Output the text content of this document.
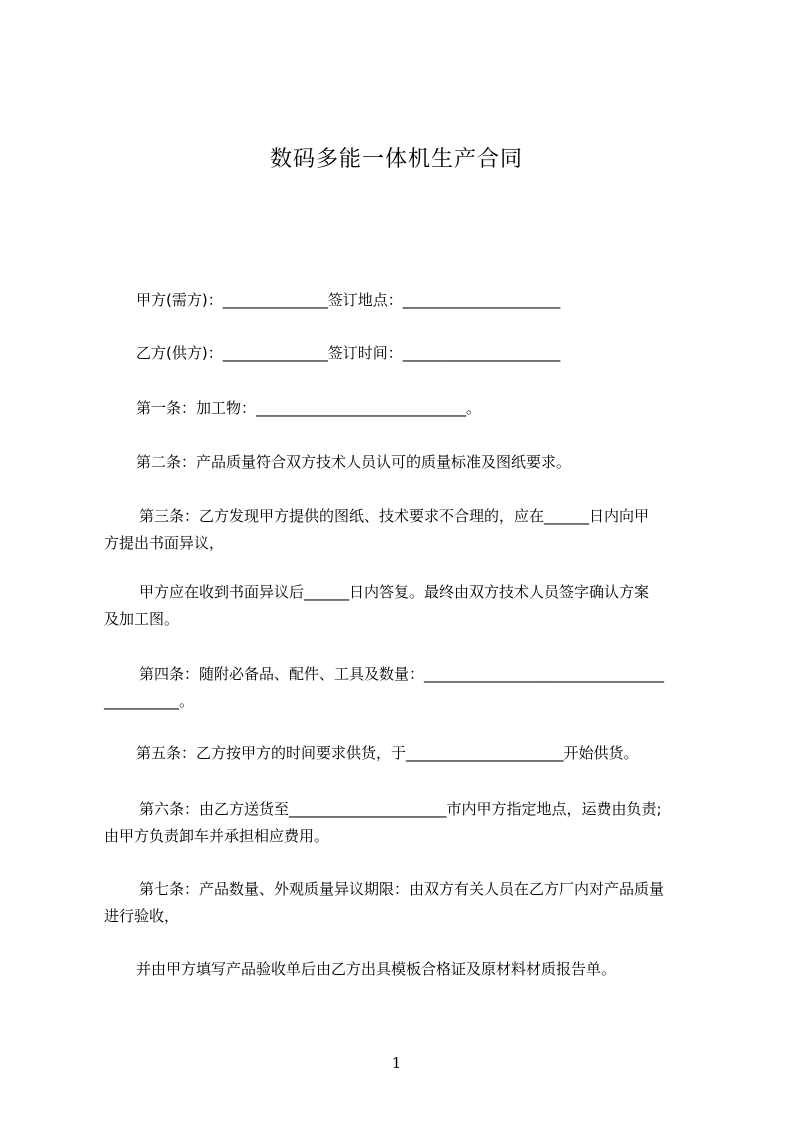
数码多能一体机生产合同
甲方(需方)：______________签订地点：_____________________
乙方(供方)：______________签订时间：_____________________
第一条：加工物：____________________________。
第二条：产品质量符合双方技术人员认可的质量标准及图纸要求。
第三条：乙方发现甲方提供的图纸、技术要求不合理的，应在______日内向甲
方提出书面异议，
甲方应在收到书面异议后______日内答复。最终由双方技术人员签字确认方案
及加工图。
第四条：随附必备品、配件、工具及数量：________________________________
__________。
第五条：乙方按甲方的时间要求供货，于_____________________开始供货。
第六条：由乙方送货至_____________________市内甲方指定地点，运费由负责;
由甲方负责卸车并承担相应费用。
第七条：产品数量、外观质量异议期限：由双方有关人员在乙方厂内对产品质量
进行验收，
并由甲方填写产品验收单后由乙方出具模板合格证及原材料材质报告单。
1
